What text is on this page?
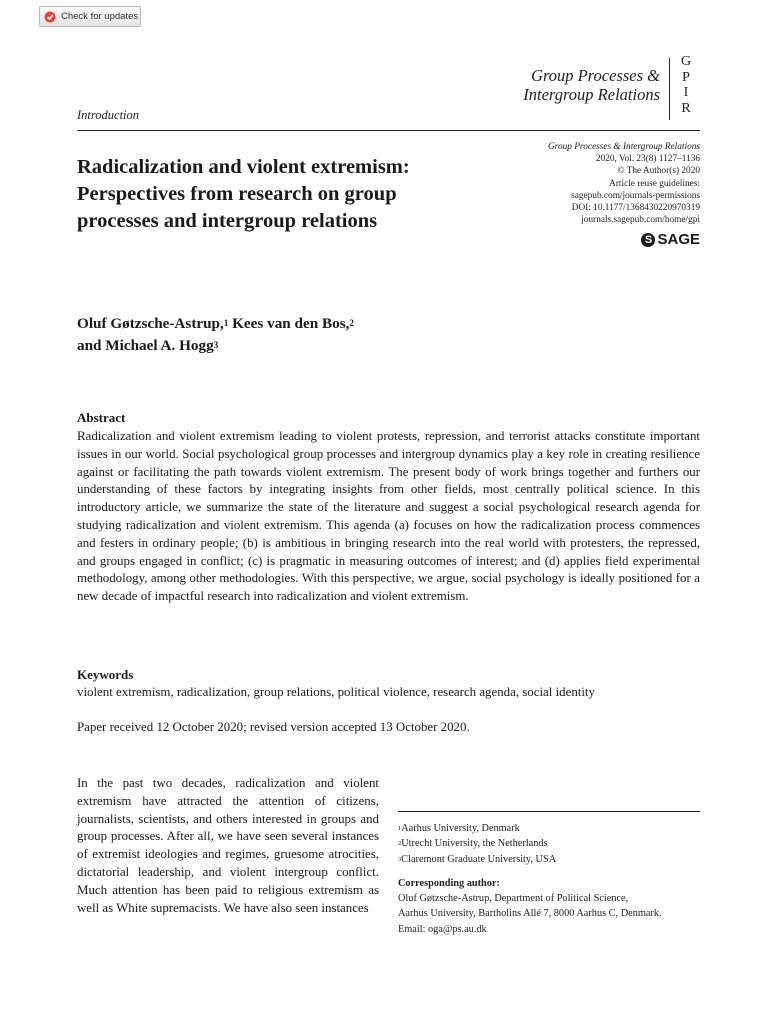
Check for updates
Group Processes &
Intergroup Relations
G
P
I
R
Introduction
Radicalization and violent extremism: Perspectives from research on group processes and intergroup relations
Group Processes & Intergroup Relations
2020, Vol. 23(8) 1127–1136
© The Author(s) 2020
Article reuse guidelines:
sagepub.com/journals-permissions
DOI: 10.1177/1368430220970319
journals.sagepub.com/home/gpi
S SAGE
Oluf Gøtzsche-Astrup,$^1$ Kees van den Bos,$^2$
and Michael A. Hogg$^3$
Abstract
Radicalization and violent extremism leading to violent protests, repression, and terrorist attacks constitute important issues in our world. Social psychological group processes and intergroup dynamics play a key role in creating resilience against or facilitating the path towards violent extremism. The present body of work brings together and furthers our understanding of these factors by integrating insights from other fields, most centrally political science. In this introductory article, we summarize the state of the literature and suggest a social psychological research agenda for studying radicalization and violent extremism. This agenda (a) focuses on how the radicalization process commences and festers in ordinary people; (b) is ambitious in bringing research into the real world with protesters, the repressed, and groups engaged in conflict; (c) is pragmatic in measuring outcomes of interest; and (d) applies field experimental methodology, among other methodologies. With this perspective, we argue, social psychology is ideally positioned for a new decade of impactful research into radicalization and violent extremism.
Keywords
violent extremism, radicalization, group relations, political violence, research agenda, social identity
Paper received 12 October 2020; revised version accepted 13 October 2020.
In the past two decades, radicalization and violent extremism have attracted the attention of citizens, journalists, scientists, and others interested in groups and group processes. After all, we have seen several instances of extremist ideologies and regimes, gruesome atrocities, dictatorial leadership, and violent intergroup conflict. Much attention has been paid to religious extremism as well as White supremacists. We have also seen instances
$^1$Aarhus University, Denmark
$^2$Utrecht University, the Netherlands
$^3$Claremont Graduate University, USA
Corresponding author:
Oluf Gøtzsche-Astrup, Department of Political Science,
Aarhus University, Bartholins Allé 7, 8000 Aarhus C, Denmark.
Email: oga@ps.au.dk
